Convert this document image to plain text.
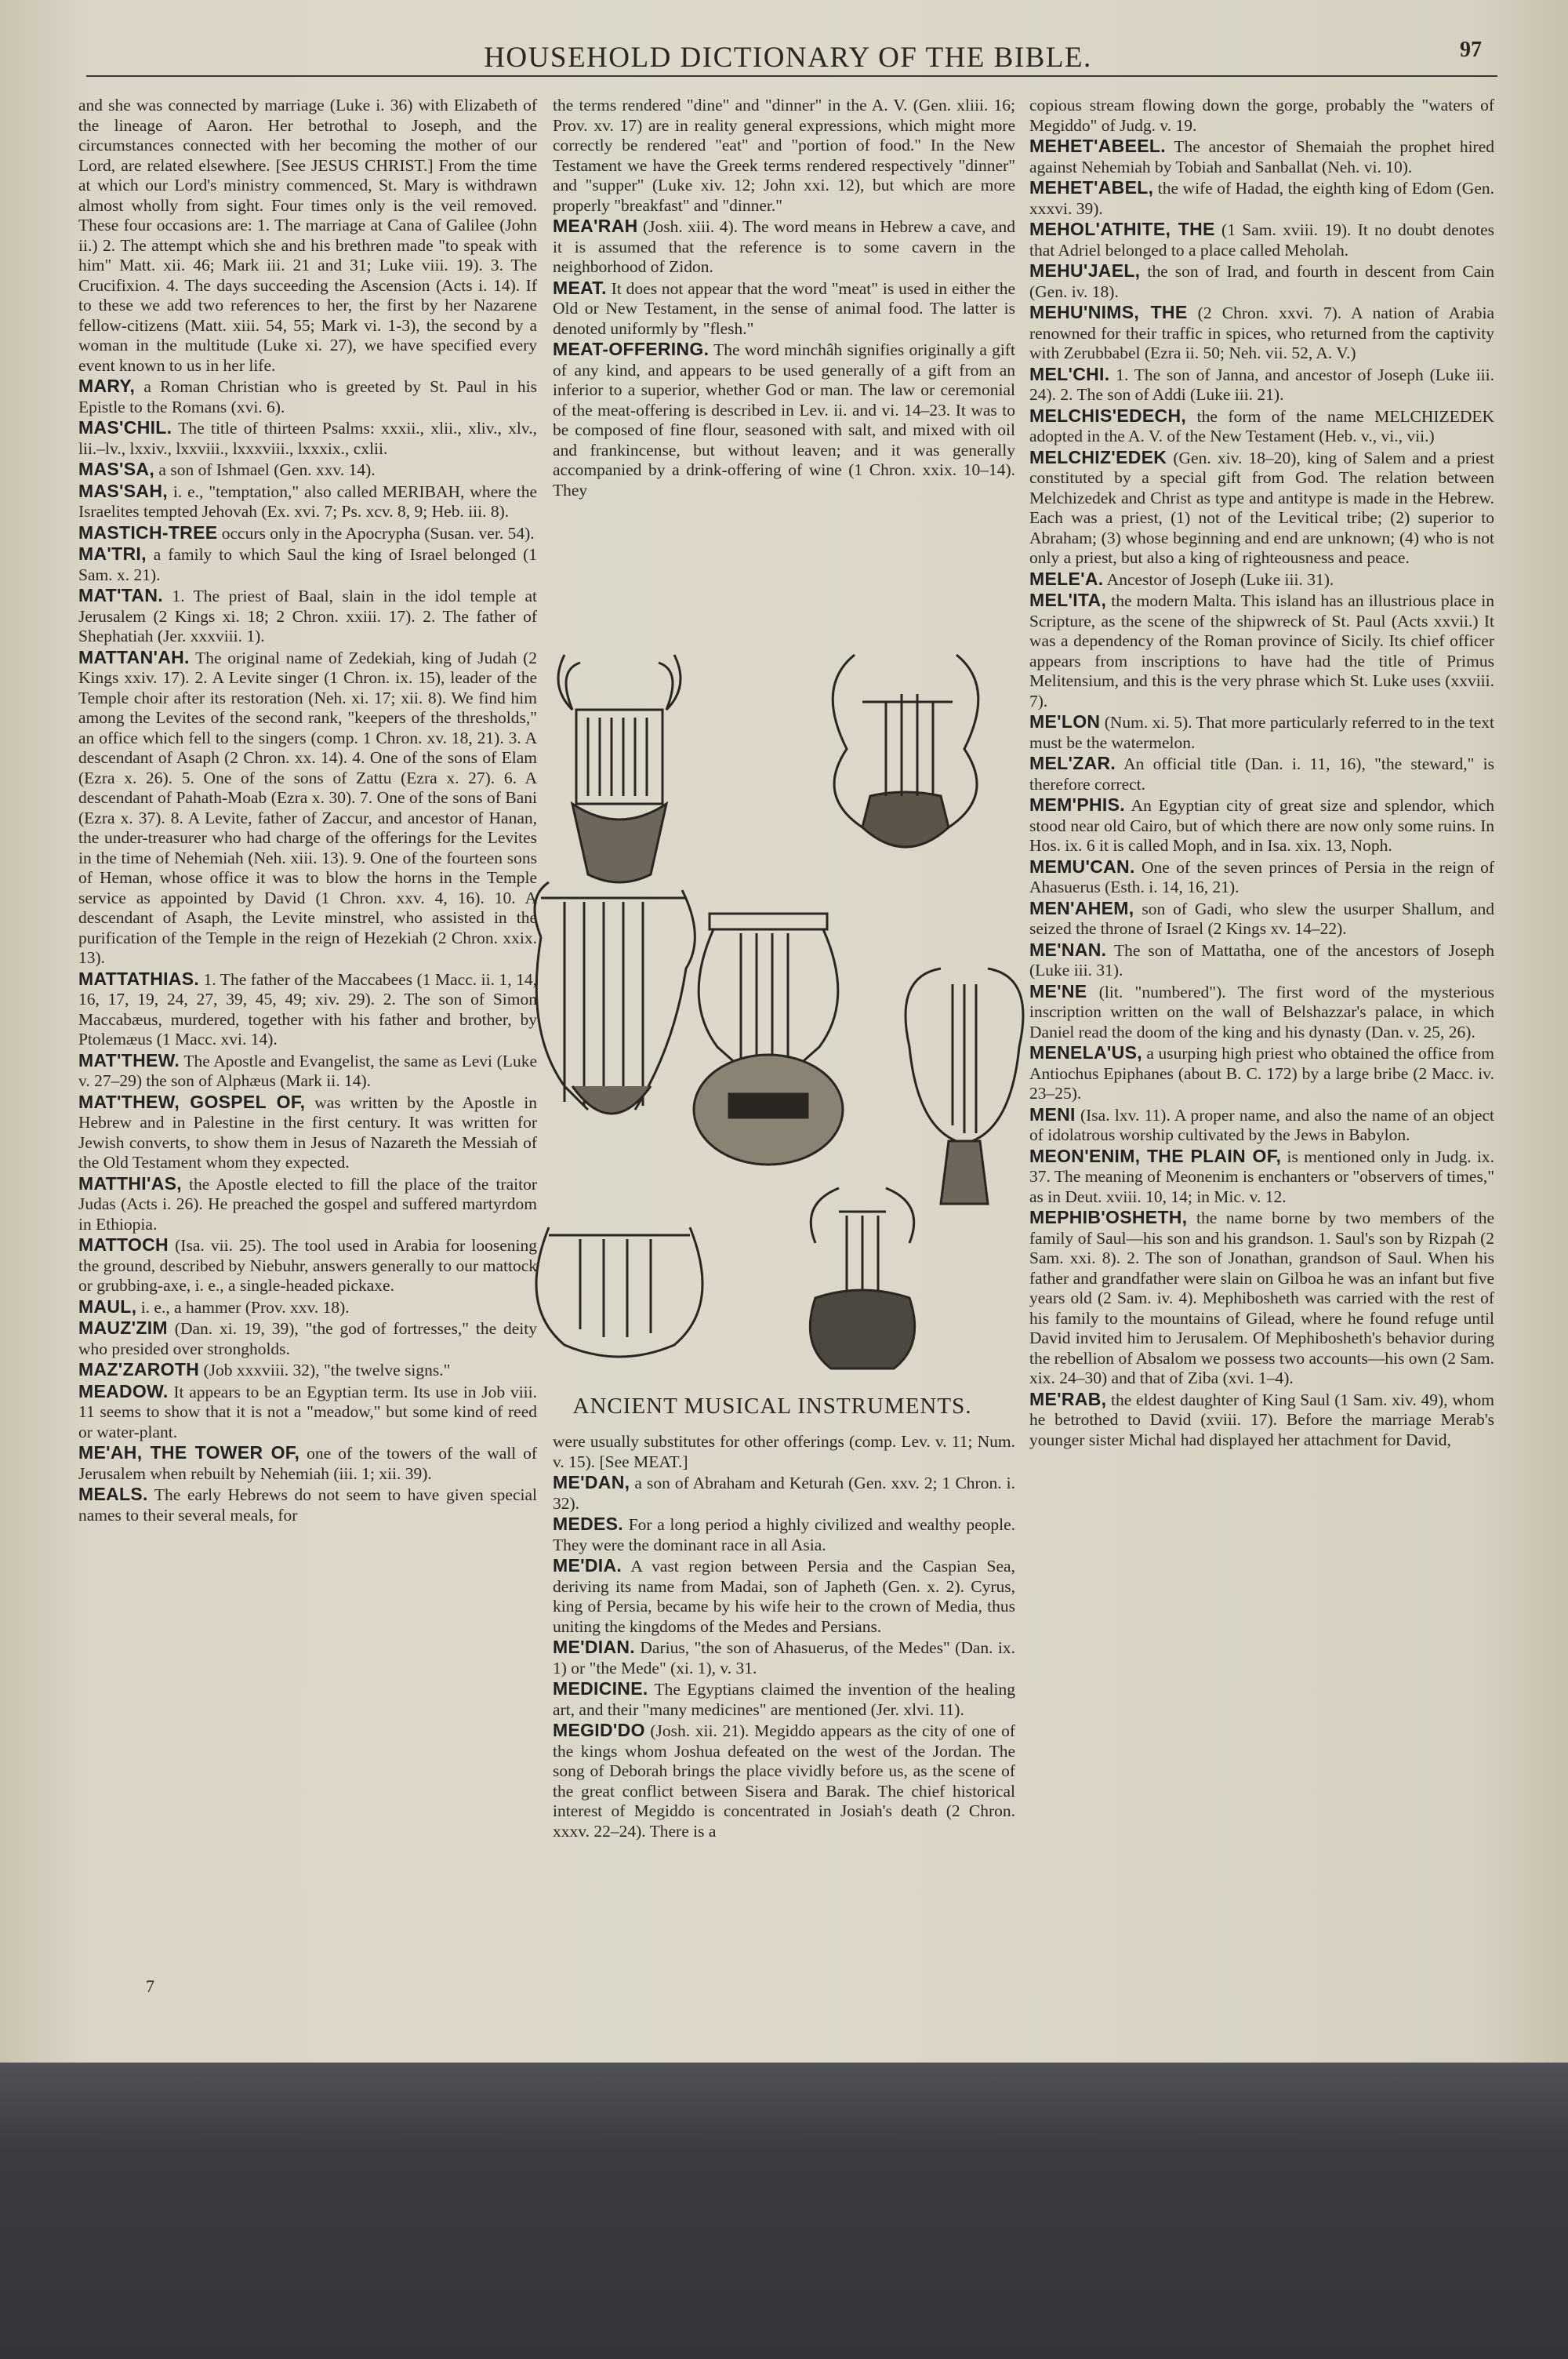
HOUSEHOLD DICTIONARY OF THE BIBLE.	97

and she was connected by marriage (Luke i. 36) with Elizabeth of the lineage of Aaron. Her betrothal to Joseph, and the circumstances connected with her becoming the mother of our Lord, are related elsewhere. [See JESUS CHRIST.] From the time at which our Lord's ministry commenced, St. Mary is withdrawn almost wholly from sight. Four times only is the veil removed. These four occasions are: 1. The marriage at Cana of Galilee (John ii.) 2. The attempt which she and his brethren made "to speak with him" Matt. xii. 46; Mark iii. 21 and 31; Luke viii. 19). 3. The Crucifixion. 4. The days succeeding the Ascension (Acts i. 14). If to these we add two references to her, the first by her Nazarene fellow-citizens (Matt. xiii. 54, 55; Mark vi. 1-3), the second by a woman in the multitude (Luke xi. 27), we have specified every event known to us in her life.

MARY, a Roman Christian who is greeted by St. Paul in his Epistle to the Romans (xvi. 6).

MAS'CHIL. The title of thirteen Psalms: xxxii., xlii., xliv., xlv., lii.–lv., lxxiv., lxxviii., lxxxviii., lxxxix., cxlii.

MAS'SA, a son of Ishmael (Gen. xxv. 14).

MAS'SAH, i. e., "temptation," also called MERIBAH, where the Israelites tempted Jehovah (Ex. xvi. 7; Ps. xcv. 8, 9; Heb. iii. 8).

MASTICH-TREE occurs only in the Apocrypha (Susan. ver. 54).

MA'TRI, a family to which Saul the king of Israel belonged (1 Sam. x. 21).

MAT'TAN. 1. The priest of Baal, slain in the idol temple at Jerusalem (2 Kings xi. 18; 2 Chron. xxiii. 17). 2. The father of Shephatiah (Jer. xxxviii. 1).

MATTAN'AH. The original name of Zedekiah, king of Judah (2 Kings xxiv. 17). 2. A Levite singer (1 Chron. ix. 15), leader of the Temple choir after its restoration (Neh. xi. 17; xii. 8). We find him among the Levites of the second rank, "keepers of the thresholds," an office which fell to the singers (comp. 1 Chron. xv. 18, 21). 3. A descendant of Asaph (2 Chron. xx. 14). 4. One of the sons of Elam (Ezra x. 26). 5. One of the sons of Zattu (Ezra x. 27). 6. A descendant of Pahath-Moab (Ezra x. 30). 7. One of the sons of Bani (Ezra x. 37). 8. A Levite, father of Zaccur, and ancestor of Hanan, the under-treasurer who had charge of the offerings for the Levites in the time of Nehemiah (Neh. xiii. 13). 9. One of the fourteen sons of Heman, whose office it was to blow the horns in the Temple service as appointed by David (1 Chron. xxv. 4, 16). 10. A descendant of Asaph, the Levite minstrel, who assisted in the purification of the Temple in the reign of Hezekiah (2 Chron. xxix. 13).

MATTATHIAS. 1. The father of the Maccabees (1 Macc. ii. 1, 14, 16, 17, 19, 24, 27, 39, 45, 49; xiv. 29). 2. The son of Simon Maccabæus, murdered, together with his father and brother, by Ptolemæus (1 Macc. xvi. 14).

MAT'THEW. The Apostle and Evangelist, the same as Levi (Luke v. 27–29) the son of Alphæus (Mark ii. 14).

MAT'THEW, GOSPEL OF, was written by the Apostle in Hebrew and in Palestine in the first century. It was written for Jewish converts, to show them in Jesus of Nazareth the Messiah of the Old Testament whom they expected.

MATTHI'AS, the Apostle elected to fill the place of the traitor Judas (Acts i. 26). He preached the gospel and suffered martyrdom in Ethiopia.

MATTOCH (Isa. vii. 25). The tool used in Arabia for loosening the ground, described by Niebuhr, answers generally to our mattock or grubbing-axe, i. e., a single-headed pickaxe.

MAUL, i. e., a hammer (Prov. xxv. 18).

MAUZ'ZIM (Dan. xi. 19, 39), "the god of fortresses," the deity who presided over strongholds.

MAZ'ZAROTH (Job xxxviii. 32), "the twelve signs."

MEADOW. It appears to be an Egyptian term. Its use in Job viii. 11 seems to show that it is not a "meadow," but some kind of reed or water-plant.

ME'AH, THE TOWER OF, one of the towers of the wall of Jerusalem when rebuilt by Nehemiah (iii. 1; xii. 39).

MEALS. The early Hebrews do not seem to have given special names to their several meals, for

the terms rendered "dine" and "dinner" in the A. V. (Gen. xliii. 16; Prov. xv. 17) are in reality general expressions, which might more correctly be rendered "eat" and "portion of food." In the New Testament we have the Greek terms rendered respectively "dinner" and "supper" (Luke xiv. 12; John xxi. 12), but which are more properly "breakfast" and "dinner."

MEA'RAH (Josh. xiii. 4). The word means in Hebrew a cave, and it is assumed that the reference is to some cavern in the neighborhood of Zidon.

MEAT. It does not appear that the word "meat" is used in either the Old or New Testament, in the sense of animal food. The latter is denoted uniformly by "flesh."

MEAT-OFFERING. The word minchâh signifies originally a gift of any kind, and appears to be used generally of a gift from an inferior to a superior, whether God or man. The law or ceremonial of the meat-offering is described in Lev. ii. and vi. 14–23. It was to be composed of fine flour, seasoned with salt, and mixed with oil and frankincense, but without leaven; and it was generally accompanied by a drink-offering of wine (1 Chron. xxix. 10–14). They

were usually substitutes for other offerings (comp. Lev. v. 11; Num. v. 15). [See MEAT.]

ME'DAN, a son of Abraham and Keturah (Gen. xxv. 2; 1 Chron. i. 32).

MEDES. For a long period a highly civilized and wealthy people. They were the dominant race in all Asia.

ME'DIA. A vast region between Persia and the Caspian Sea, deriving its name from Madai, son of Japheth (Gen. x. 2). Cyrus, king of Persia, became by his wife heir to the crown of Media, thus uniting the kingdoms of the Medes and Persians.

ME'DIAN. Darius, "the son of Ahasuerus, of the Medes" (Dan. ix. 1) or "the Mede" (xi. 1), v. 31.

MEDICINE. The Egyptians claimed the invention of the healing art, and their "many medicines" are mentioned (Jer. xlvi. 11).

MEGID'DO (Josh. xii. 21). Megiddo appears as the city of one of the kings whom Joshua defeated on the west of the Jordan. The song of Deborah brings the place vividly before us, as the scene of the great conflict between Sisera and Barak. The chief historical interest of Megiddo is concentrated in Josiah's death (2 Chron. xxxv. 22–24). There is a

copious stream flowing down the gorge, probably the "waters of Megiddo" of Judg. v. 19.

MEHET'ABEEL. The ancestor of Shemaiah the prophet hired against Nehemiah by Tobiah and Sanballat (Neh. vi. 10).

MEHET'ABEL, the wife of Hadad, the eighth king of Edom (Gen. xxxvi. 39).

MEHOL'ATHITE, THE (1 Sam. xviii. 19). It no doubt denotes that Adriel belonged to a place called Meholah.

MEHU'JAEL, the son of Irad, and fourth in descent from Cain (Gen. iv. 18).

MEHU'NIMS, THE (2 Chron. xxvi. 7). A nation of Arabia renowned for their traffic in spices, who returned from the captivity with Zerubbabel (Ezra ii. 50; Neh. vii. 52, A. V.)

MEL'CHI. 1. The son of Janna, and ancestor of Joseph (Luke iii. 24). 2. The son of Addi (Luke iii. 21).

MELCHIS'EDECH, the form of the name MELCHIZEDEK adopted in the A. V. of the New Testament (Heb. v., vi., vii.)

MELCHIZ'EDEK (Gen. xiv. 18–20), king of Salem and a priest constituted by a special gift from God. The relation between Melchizedek and Christ as type and antitype is made in the Hebrew. Each was a priest, (1) not of the Levitical tribe; (2) superior to Abraham; (3) whose beginning and end are unknown; (4) who is not only a priest, but also a king of righteousness and peace.

MELE'A. Ancestor of Joseph (Luke iii. 31).

MEL'ITA, the modern Malta. This island has an illustrious place in Scripture, as the scene of the shipwreck of St. Paul (Acts xxvii.) It was a dependency of the Roman province of Sicily. Its chief officer appears from inscriptions to have had the title of Primus Melitensium, and this is the very phrase which St. Luke uses (xxviii. 7).

ME'LON (Num. xi. 5). That more particularly referred to in the text must be the watermelon.

MEL'ZAR. An official title (Dan. i. 11, 16), "the steward," is therefore correct.

MEM'PHIS. An Egyptian city of great size and splendor, which stood near old Cairo, but of which there are now only some ruins. In Hos. ix. 6 it is called Moph, and in Isa. xix. 13, Noph.

MEMU'CAN. One of the seven princes of Persia in the reign of Ahasuerus (Esth. i. 14, 16, 21).

MEN'AHEM, son of Gadi, who slew the usurper Shallum, and seized the throne of Israel (2 Kings xv. 14–22).

ME'NAN. The son of Mattatha, one of the ancestors of Joseph (Luke iii. 31).

ME'NE (lit. "numbered"). The first word of the mysterious inscription written on the wall of Belshazzar's palace, in which Daniel read the doom of the king and his dynasty (Dan. v. 25, 26).

MENELA'US, a usurping high priest who obtained the office from Antiochus Epiphanes (about B. C. 172) by a large bribe (2 Macc. iv. 23–25).

MENI (Isa. lxv. 11). A proper name, and also the name of an object of idolatrous worship cultivated by the Jews in Babylon.

MEON'ENIM, THE PLAIN OF, is mentioned only in Judg. ix. 37. The meaning of Meonenim is enchanters or "observers of times," as in Deut. xviii. 10, 14; in Mic. v. 12.

MEPHIB'OSHETH, the name borne by two members of the family of Saul—his son and his grandson. 1. Saul's son by Rizpah (2 Sam. xxi. 8). 2. The son of Jonathan, grandson of Saul. When his father and grandfather were slain on Gilboa he was an infant but five years old (2 Sam. iv. 4). Mephibosheth was carried with the rest of his family to the mountains of Gilead, where he found refuge until David invited him to Jerusalem. Of Mephibosheth's behavior during the rebellion of Absalom we possess two accounts—his own (2 Sam. xix. 24–30) and that of Ziba (xvi. 1–4).

ME'RAB, the eldest daughter of King Saul (1 Sam. xiv. 49), whom he betrothed to David (xviii. 17). Before the marriage Merab's younger sister Michal had displayed her attachment for David,

ANCIENT MUSICAL INSTRUMENTS.
7
